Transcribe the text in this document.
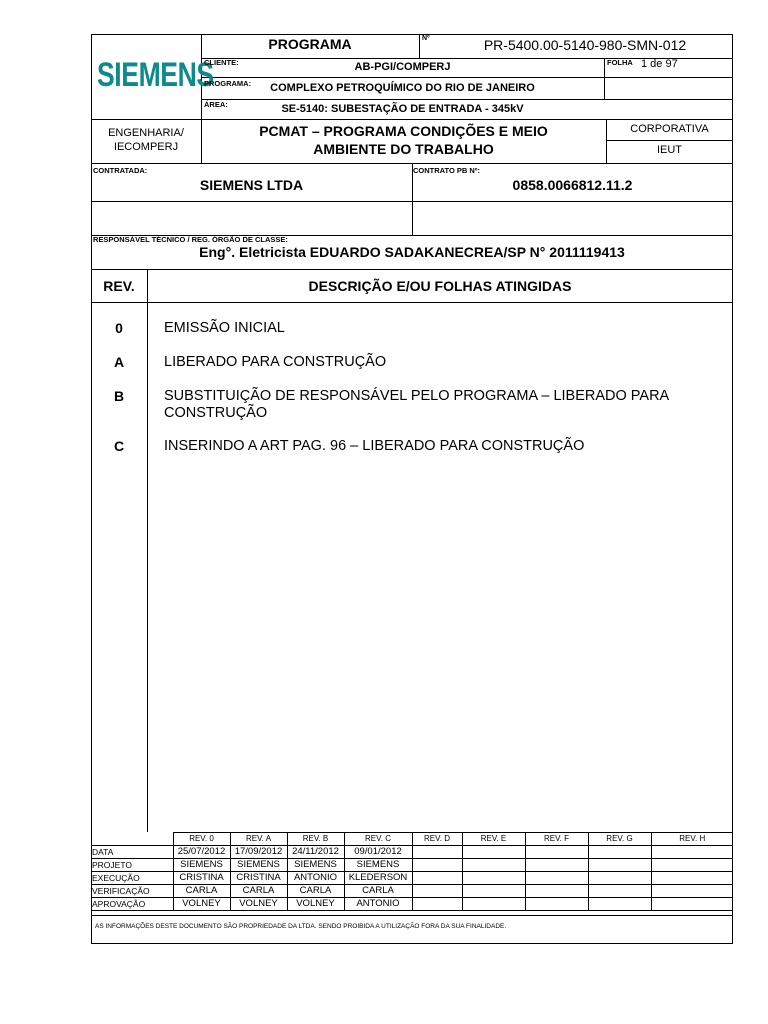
PROGRAMA	Nº	PR-5400.00-5140-980-SMN-012
SIEMENS
CLIENTE:	AB-PGI/COMPERJ	FOLHA 1 de 97
PROGRAMA:	COMPLEXO PETROQUÍMICO DO RIO DE JANEIRO
ÁREA:	SE-5140: SUBESTAÇÃO DE ENTRADA - 345kV
ENGENHARIA/
IECOMPERJ
PCMAT – PROGRAMA CONDIÇÕES E MEIO
AMBIENTE DO TRABALHO
CORPORATIVA
IEUT
CONTRATADA:
SIEMENS LTDA
CONTRATO PB Nº:
0858.0066812.11.2
RESPONSÁVEL TÉCNICO / REG. ÓRGÃO DE CLASSE:
Eng°. Eletricista EDUARDO SADAKANECREA/SP N° 2011119413
REV.	DESCRIÇÃO E/OU FOLHAS ATINGIDAS
0	EMISSÃO INICIAL
A	LIBERADO PARA CONSTRUÇÃO
B	SUBSTITUIÇÃO DE RESPONSÁVEL PELO PROGRAMA – LIBERADO PARA CONSTRUÇÃO
C	INSERINDO A ART PAG. 96 – LIBERADO PARA CONSTRUÇÃO
	REV. 0	REV. A	REV. B	REV. C	REV. D	REV. E	REV. F	REV. G	REV. H
DATA	25/07/2012	17/09/2012	24/11/2012	09/01/2012					
PROJETO	SIEMENS	SIEMENS	SIEMENS	SIEMENS					
EXECUÇÃO	CRISTINA	CRISTINA	ANTONIO	KLEDERSON					
VERIFICAÇÃO	CARLA	CARLA	CARLA	CARLA					
APROVAÇÃO	VOLNEY	VOLNEY	VOLNEY	ANTONIO					
AS INFORMAÇÕES DESTE DOCUMENTO SÃO PROPRIEDADE DA LTDA. SENDO PROIBIDA A UTILIZAÇÃO FORA DA SUA FINALIDADE.
